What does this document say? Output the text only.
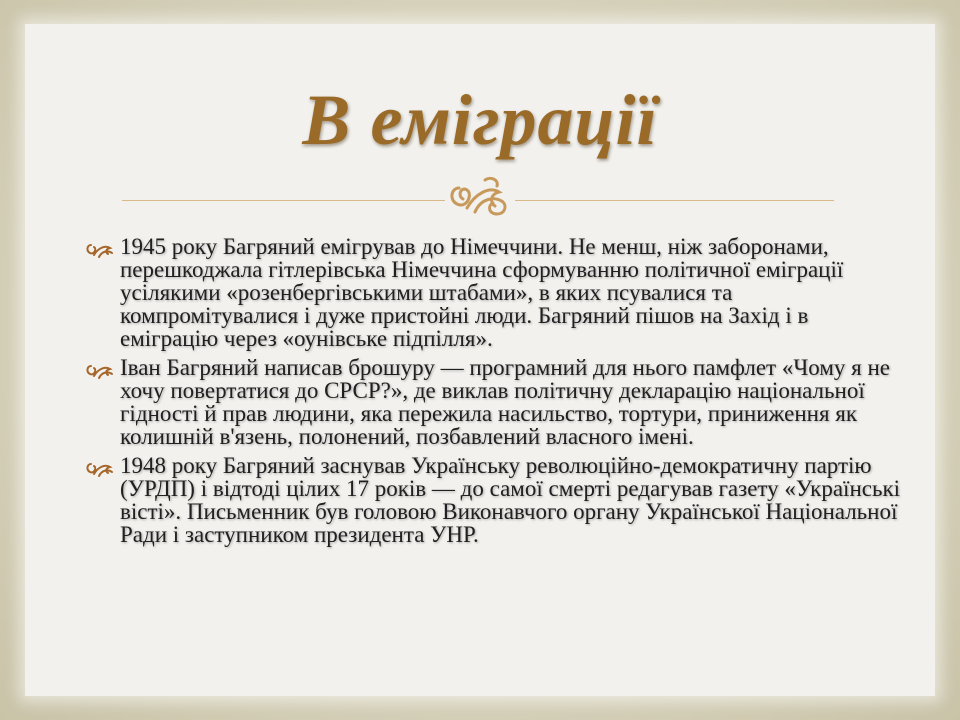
В еміграції
1945 року Багряний емігрував до Німеччини. Не менш, ніж заборонами, перешкоджала гітлерівська Німеччина сформуванню політичної еміграції усілякими «розенбергівськими штабами», в яких псувалися та компромітувалися і дуже пристойні люди. Багряний пішов на Захід і в еміграцію через «оунівське підпілля».
Іван Багряний написав брошуру — програмний для нього памфлет «Чому я не хочу повертатися до СРСР?», де виклав політичну декларацію національної гідності й прав людини, яка пережила насильство, тортури, приниження як колишній в'язень, полонений, позбавлений власного імені.
1948 року Багряний заснував Українську революційно-демократичну партію (УРДП) і відтоді цілих 17 років — до самої смерті редагував газету «Українські вісті». Письменник був головою Виконавчого органу Української Національної Ради і заступником президента УНР.
